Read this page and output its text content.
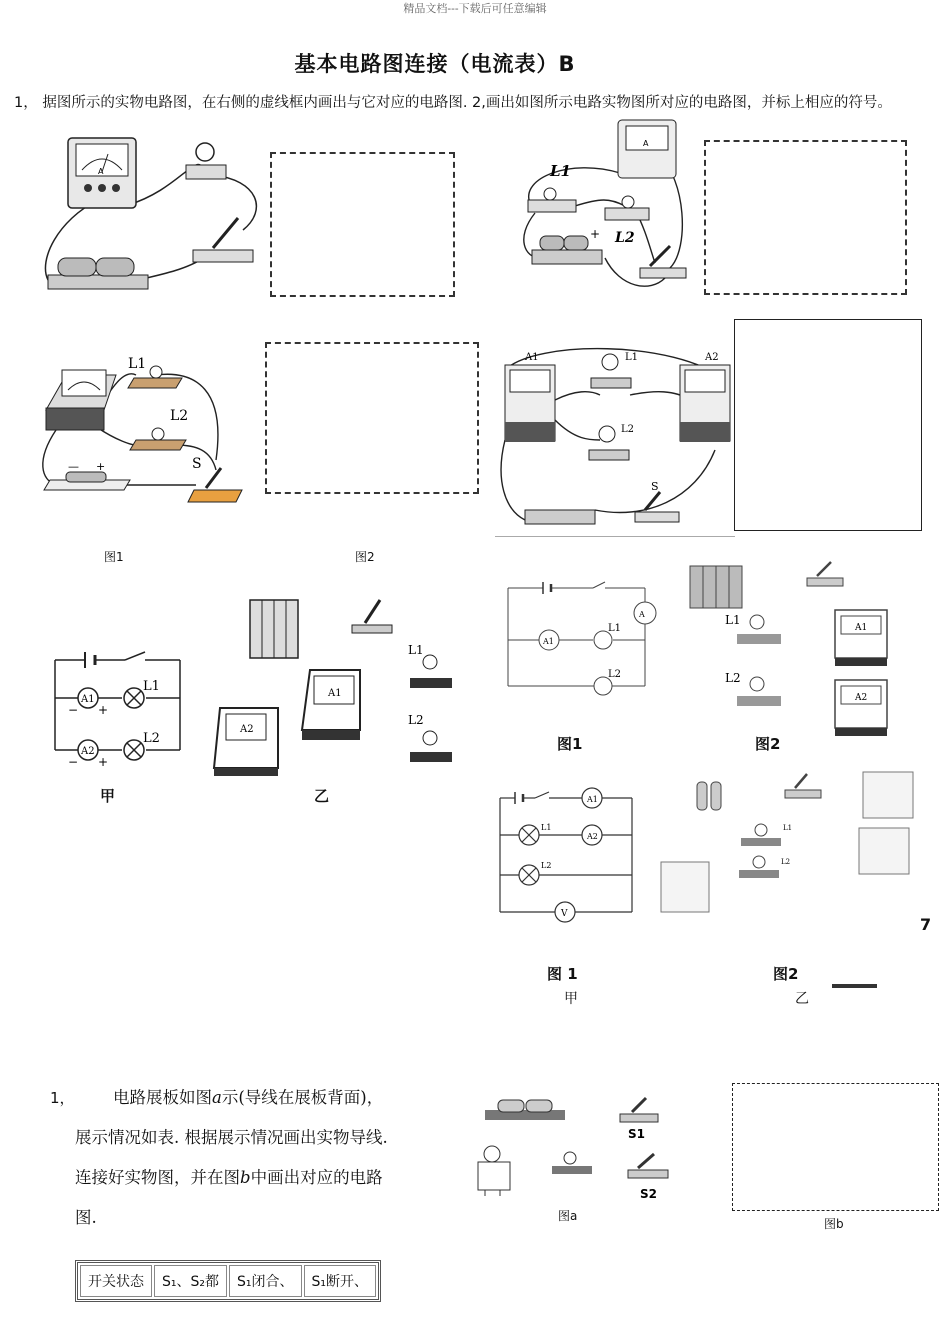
精品文档---下载后可任意编辑
基本电路图连接（电流表）B
1， 据图所示的实物电路图，在右侧的虚线框内画出与它对应的电路图. 2,画出如图所示电路实物图所对应的电路图，并标上相应的符号。
A
A
L1
L2
+
L1
L2
S
— +
A1	A2
L1
L2
S
图1	图2
A1
A2
L1
L2
− +
− +
甲
L1
L2
A1
A2
乙
A1
A
L1
L2
图1
L1
L2
A1
A2
图2
A1
A2
V
L1
L2
L1
L2
7
图 1	图2
甲	乙
1，	电路展板如图a示(导线在展板背面)，

展示情况如表. 根据展示情况画出实物导线.

连接好实物图，并在图b中画出对应的电路

图.

S1
S2
图a
图b
开关状态	S₁、S₂都	S₁闭合、	S₁断开、
